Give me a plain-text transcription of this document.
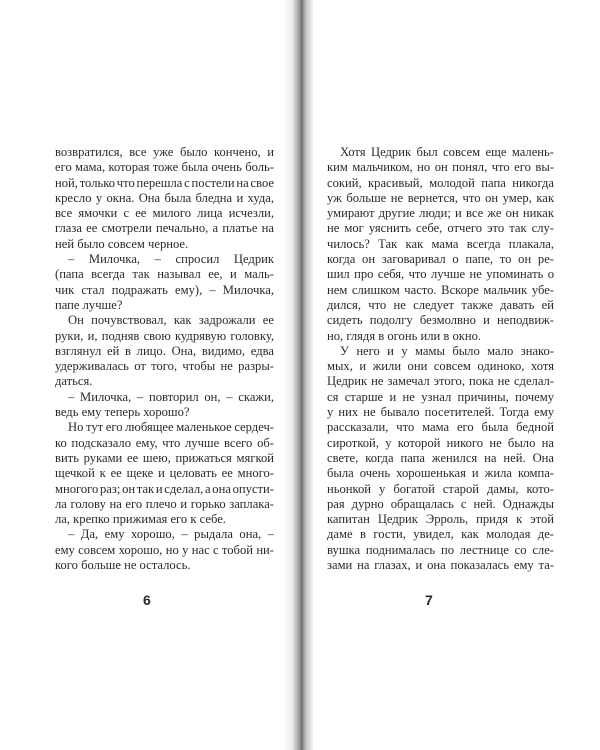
возвратился, все уже было кончено, и
его мама, которая тоже была очень боль-
ной, только что перешла с постели на свое
кресло у окна. Она была бледна и худа,
все ямочки с ее милого лица исчезли,
глаза ее смотрели печально, а платье на
ней было совсем черное.
– Милочка, – спросил Цедрик
(папа всегда так называл ее, и маль-
чик стал подражать ему), – Милочка,
папе лучше?
Он почувствовал, как задрожали ее
руки, и, подняв свою кудрявую головку,
взглянул ей в лицо. Она, видимо, едва
удерживалась от того, чтобы не разры-
даться.
– Милочка, – повторил он, – скажи,
ведь ему теперь хорошо?
Но тут его любящее маленькое сердеч-
ко подсказало ему, что лучше всего об-
вить руками ее шею, прижаться мягкой
щечкой к ее щеке и целовать ее много-
многого раз; он так и сделал, а она опусти-
ла голову на его плечо и горько заплака-
ла, крепко прижимая его к себе.
– Да, ему хорошо, – рыдала она, –
ему совсем хорошо, но у нас с тобой ни-
кого больше не осталось.
Хотя Цедрик был совсем еще малень-
ким мальчиком, но он понял, что его вы-
сокий, красивый, молодой папа никогда
уж больше не вернется, что он умер, как
умирают другие люди; и все же он никак
не мог уяснить себе, отчего это так слу-
чилось? Так как мама всегда плакала,
когда он заговаривал о папе, то он ре-
шил про себя, что лучше не упоминать о
нем слишком часто. Вскоре мальчик убе-
дился, что не следует также давать ей
сидеть подолгу безмолвно и неподвиж-
но, глядя в огонь или в окно.
У него и у мамы было мало знако-
мых, и жили они совсем одиноко, хотя
Цедрик не замечал этого, пока не сделал-
ся старше и не узнал причины, почему
у них не бывало посетителей. Тогда ему
рассказали, что мама его была бедной
сироткой, у которой никого не было на
свете, когда папа женился на ней. Она
была очень хорошенькая и жила компа-
ньонкой у богатой старой дамы, кото-
рая дурно обращалась с ней. Однажды
капитан Цедрик Эрроль, придя к этой
даме в гости, увидел, как молодая де-
вушка поднималась по лестнице со сле-
зами на глазах, и она показалась ему та-
6	7
